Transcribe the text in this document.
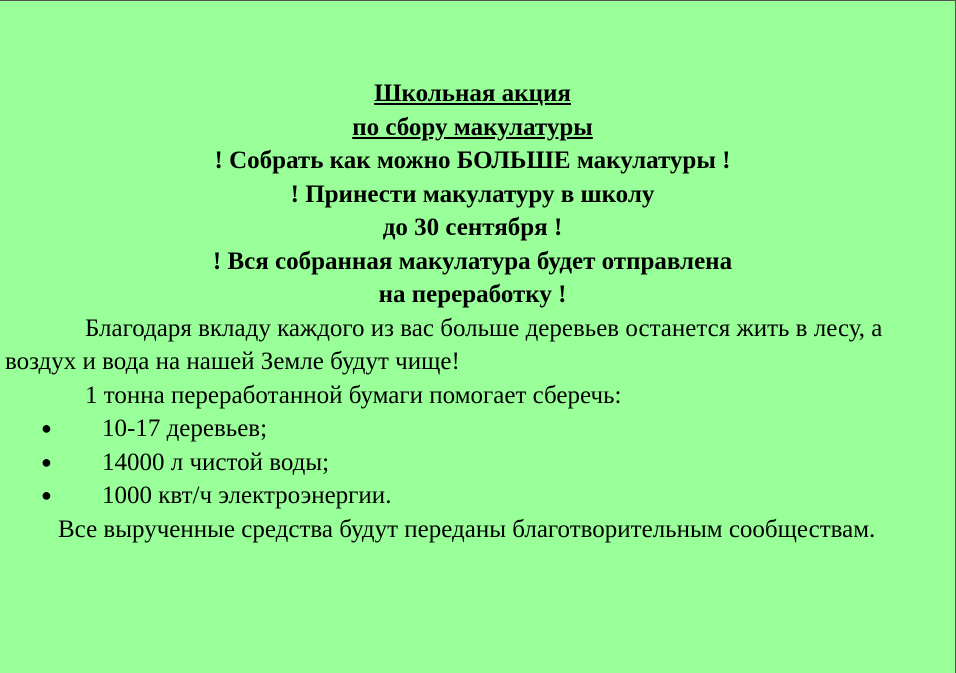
Школьная акция
по сбору макулатуры
! Собрать как можно БОЛЬШЕ макулатуры !
! Принести макулатуру в школу
до 30 сентября !
! Вся собранная макулатура будет отправлена
на переработку !

Благодаря вкладу каждого из вас больше деревьев останется жить в лесу, а воздух и вода на нашей Земле будут чище!

1 тонна переработанной бумаги помогает сберечь:

● 10-17 деревьев;
● 14000 л чистой воды;
● 1000 квт/ч электроэнергии.

Все вырученные средства будут переданы благотворительным сообществам.
